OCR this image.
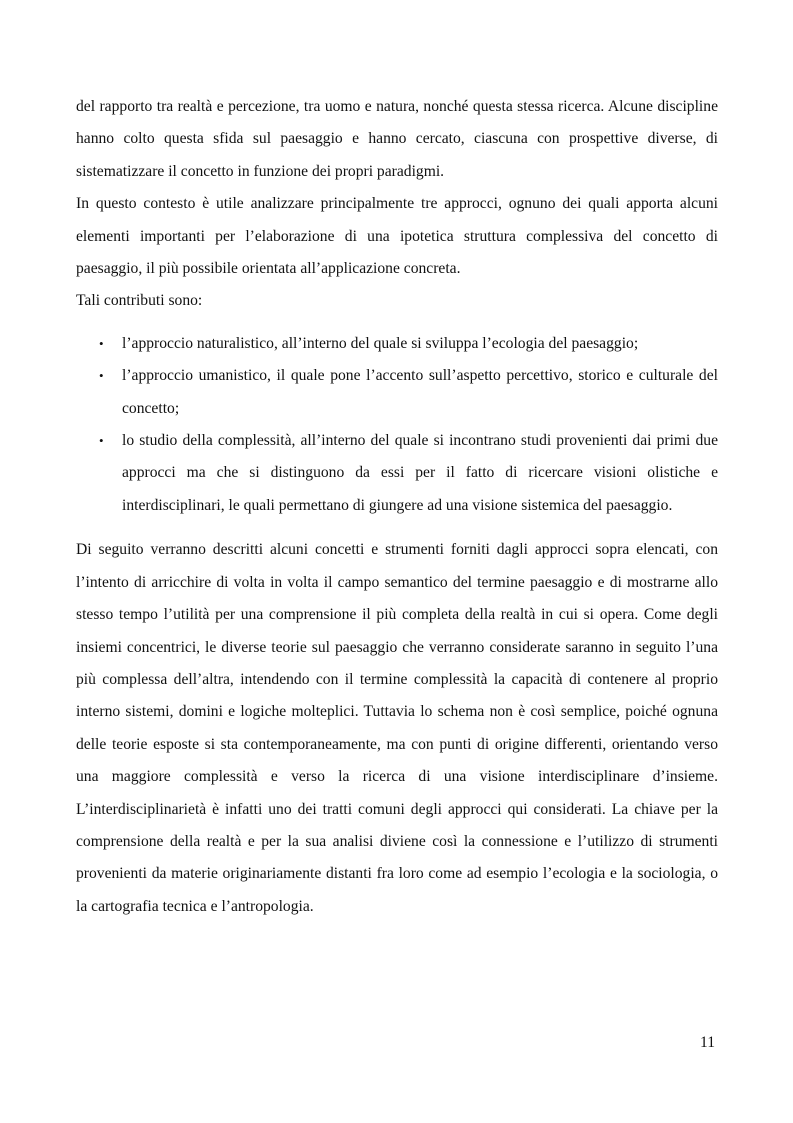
del rapporto tra realtà e percezione, tra uomo e natura, nonché questa stessa ricerca. Alcune discipline hanno colto questa sfida sul paesaggio e hanno cercato, ciascuna con prospettive diverse, di sistematizzare il concetto in funzione dei propri paradigmi.

In questo contesto è utile analizzare principalmente tre approcci, ognuno dei quali apporta alcuni elementi importanti per l’elaborazione di una ipotetica struttura complessiva del concetto di paesaggio, il più possibile orientata all’applicazione concreta.

Tali contributi sono:

• l’approccio naturalistico, all’interno del quale si sviluppa l’ecologia del paesaggio;
• l’approccio umanistico, il quale pone l’accento sull’aspetto percettivo, storico e culturale del concetto;
• lo studio della complessità, all’interno del quale si incontrano studi provenienti dai primi due approcci ma che si distinguono da essi per il fatto di ricercare visioni olistiche e interdisciplinari, le quali permettano di giungere ad una visione sistemica del paesaggio.

Di seguito verranno descritti alcuni concetti e strumenti forniti dagli approcci sopra elencati, con l’intento di arricchire di volta in volta il campo semantico del termine paesaggio e di mostrarne allo stesso tempo l’utilità per una comprensione il più completa della realtà in cui si opera. Come degli insiemi concentrici, le diverse teorie sul paesaggio che verranno considerate saranno in seguito l’una più complessa dell’altra, intendendo con il termine complessità la capacità di contenere al proprio interno sistemi, domini e logiche molteplici. Tuttavia lo schema non è così semplice, poiché ognuna delle teorie esposte si sta contemporaneamente, ma con punti di origine differenti, orientando verso una maggiore complessità e verso la ricerca di una visione interdisciplinare d’insieme. L’interdisciplinarietà è infatti uno dei tratti comuni degli approcci qui considerati. La chiave per la comprensione della realtà e per la sua analisi diviene così la connessione e l’utilizzo di strumenti provenienti da materie originariamente distanti fra loro come ad esempio l’ecologia e la sociologia, o la cartografia tecnica e l’antropologia.

11
